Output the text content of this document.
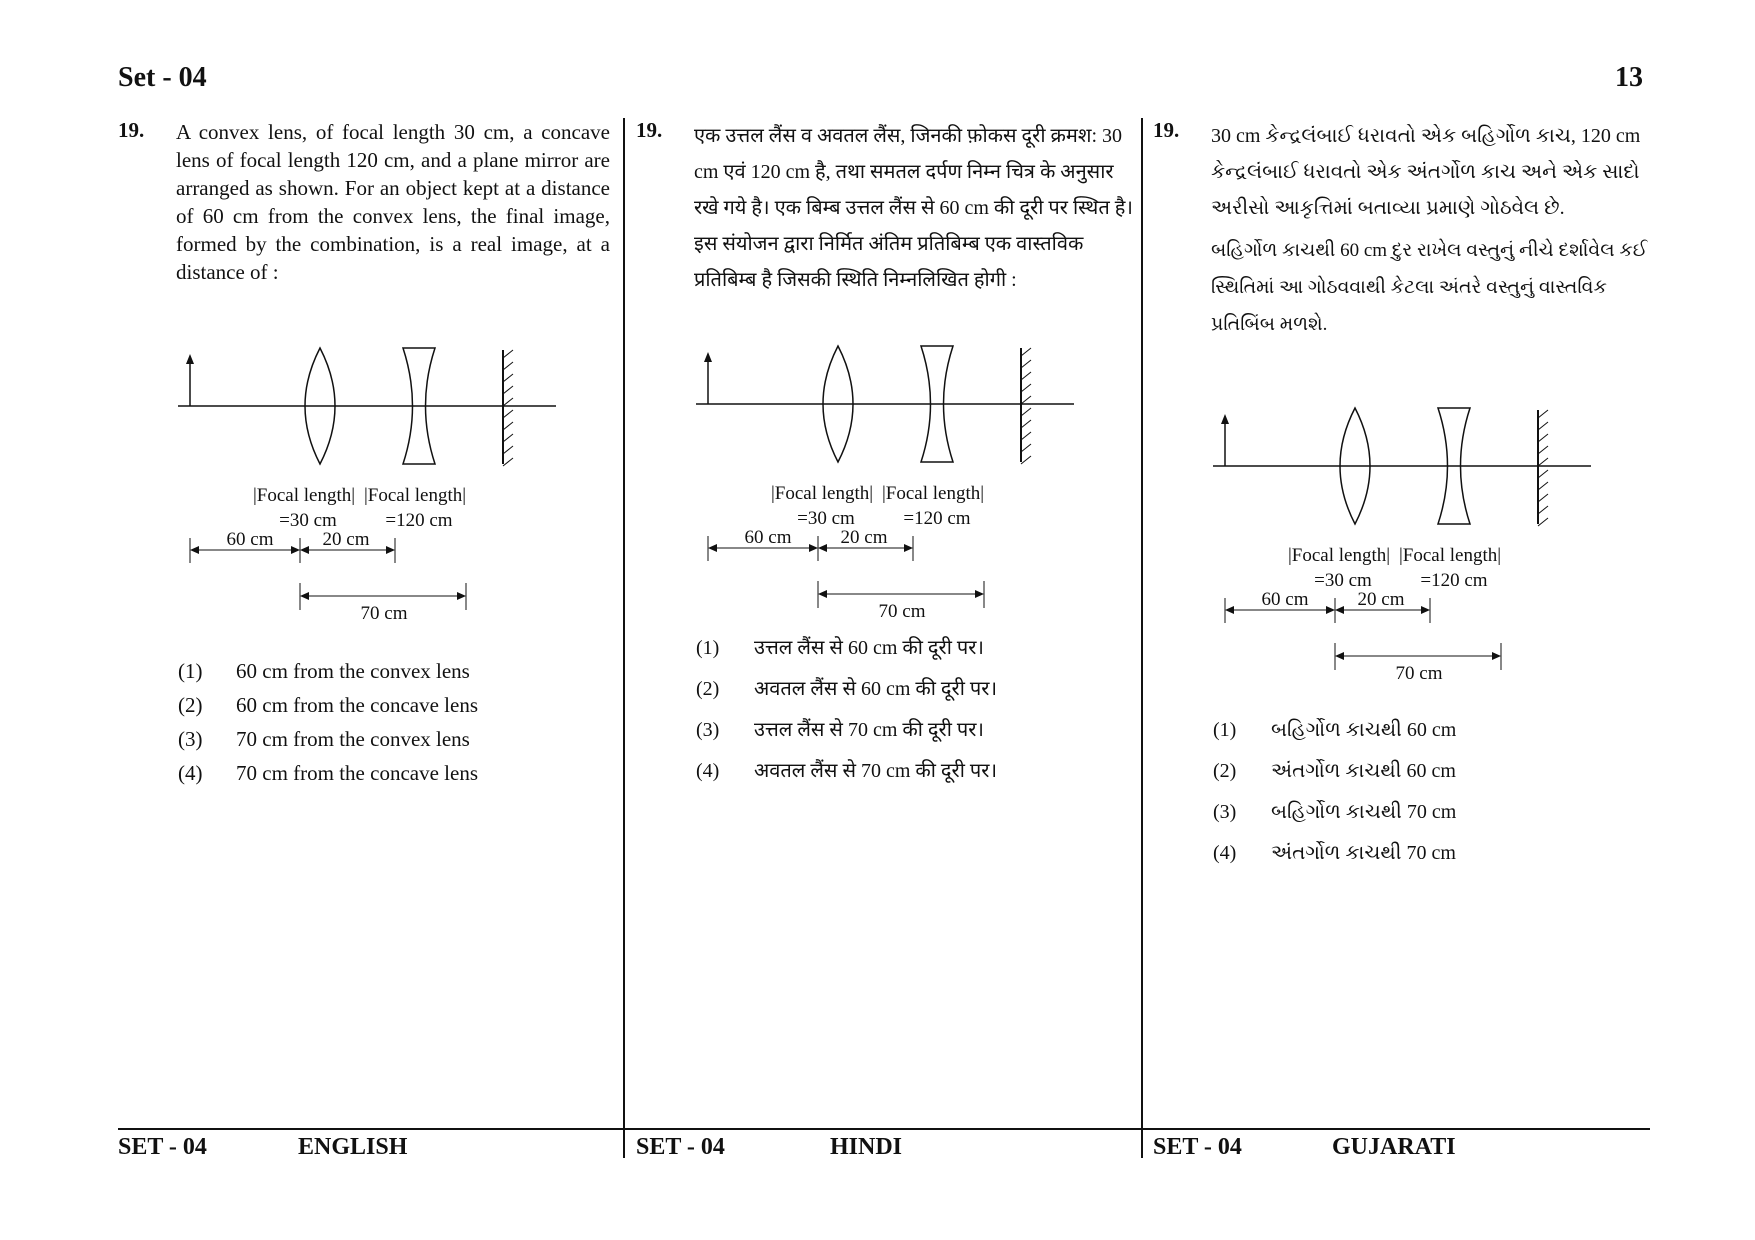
Set - 04	13
19.	A convex lens, of focal length 30 cm, a concave lens of focal length 120 cm, and a plane mirror are arranged as shown. For an object kept at a distance of 60 cm from the convex lens, the final image, formed by the combination, is a real image, at a distance of :
|Focal length| |Focal length|
=30 cm	=120 cm
60 cm	20 cm
70 cm
(1)	60 cm from the convex lens
(2)	60 cm from the concave lens
(3)	70 cm from the convex lens
(4)	70 cm from the concave lens
19.	एक उत्तल लैंस व अवतल लैंस, जिनकी फ़ोकस दूरी क्रमश: 30 cm एवं 120 cm है, तथा समतल दर्पण निम्न चित्र के अनुसार रखे गये है। एक बिम्ब उत्तल लैंस से 60 cm की दूरी पर स्थित है। इस संयोजन द्वारा निर्मित अंतिम प्रतिबिम्ब एक वास्तविक प्रतिबिम्ब है जिसकी स्थिति निम्नलिखित होगी :
|Focal length| |Focal length|
=30 cm	=120 cm
60 cm	20 cm
70 cm
(1)	उत्तल लैंस से 60 cm की दूरी पर।
(2)	अवतल लैंस से 60 cm की दूरी पर।
(3)	उत्तल लैंस से 70 cm की दूरी पर।
(4)	अवतल लैंस से 70 cm की दूरी पर।
19.	30 cm કેન્દ્રલંબાઈ ધરાવતો એક બહિર્ગોળ કાચ, 120 cm કેન્દ્રલંબાઈ ધરાવતો એક અંતર્ગોળ કાચ અને એક સાદો અરીસો આકૃત્તિમાં બતાવ્યા પ્રમાણે ગોઠવેલ છે.
બહિર્ગોળ કાચથી 60 cm દુર રાખેલ વસ્તુનું નીચે દર્શાવેલ કઈ સ્થિતિમાં આ ગોઠવવાથી કેટલા અંતરે વસ્તુનું વાસ્તવિક પ્રતિબિંબ મળશે.
|Focal length| |Focal length|
=30 cm	=120 cm
60 cm	20 cm
70 cm
(1)	બહિર્ગોળ કાચથી 60 cm
(2)	અંતર્ગોળ કાચથી 60 cm
(3)	બહિર્ગોળ કાચથી 70 cm
(4)	અંતર્ગોળ કાચથી 70 cm
SET - 04	ENGLISH	SET - 04	HINDI	SET - 04	GUJARATI
